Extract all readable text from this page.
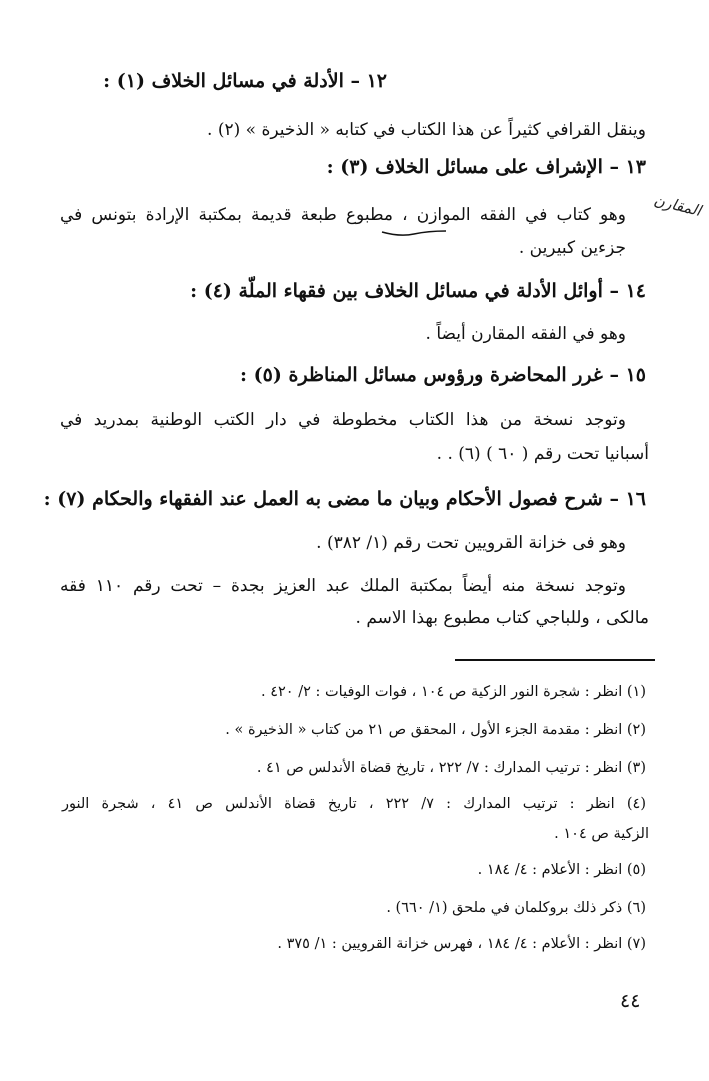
المقارن
١٢ – الأدلة في مسائل الخلاف (١) :
وينقل القرافي كثيراً عن هذا الكتاب في كتابه « الذخيرة » (٢) .
١٣ – الإشراف على مسائل الخلاف (٣) :
وهو كتاب في الفقه الموازن ، مطبوع طبعة قديمة بمكتبة الإرادة بتونس في
جزءين كبيرين .
١٤ – أوائل الأدلة في مسائل الخلاف بين فقهاء الملّة (٤) :
وهو في الفقه المقارن أيضاً .
١٥ – غرر المحاضرة ورؤوس مسائل المناظرة (٥) :
وتوجد نسخة من هذا الكتاب مخطوطة في دار الكتب الوطنية بمدريد في
أسبانيا تحت رقم ( ٦٠ ) (٦) . .
١٦ – شرح فصول الأحكام وبيان ما مضى به العمل عند الفقهاء والحكام (٧) :
وهو فى خزانة القرويين تحت رقم (١/ ٣٨٢) .
وتوجد نسخة منه أيضاً بمكتبة الملك عبد العزيز بجدة – تحت رقم ١١٠ فقه
مالكى ، وللباجي كتاب مطبوع بهذا الاسم .
(١) انظر : شجرة النور الزكية ص ١٠٤ ، فوات الوفيات : ٢/ ٤٢٠ .
(٢) انظر : مقدمة الجزء الأول ، المحقق ص ٢١ من كتاب « الذخيرة » .
(٣) انظر : ترتيب المدارك : ٧/ ٢٢٢ ، تاريخ قضاة الأندلس ص ٤١ .
(٤) انظر : ترتيب المدارك : ٧/ ٢٢٢ ، تاريخ قضاة الأندلس ص ٤١ ، شجرة النور
الزكية ص ١٠٤ .
(٥) انظر : الأعلام : ٤/ ١٨٤ .
(٦) ذكر ذلك بروكلمان في ملحق (١/ ٦٦٠) .
(٧) انظر : الأعلام : ٤/ ١٨٤ ، فهرس خزانة القرويين : ١/ ٣٧٥ .
٤٤
